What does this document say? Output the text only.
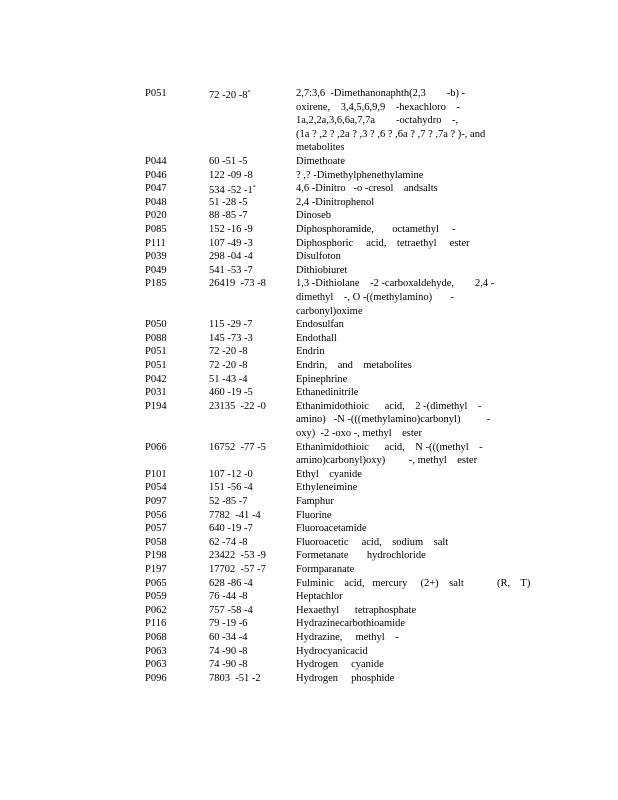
P051	72 -20 -8*	2,7:3,6  -Dimethanonaphth(2,3        -b) -
oxirene,    3,4,5,6,9,9    -hexachloro    -
1a,2,2a,3,6,6a,7,7a        -octahydro    -,
(1a ? ,2 ? ,2a ? ,3 ? ,6 ? ,6a ? ,7 ? ,7a ? )-, and
metabolites
P044	60 -51 -5	Dimethoate
P046	122 -09 -8	? ,? -Dimethylphenethylamine
P047	534 -52 -1*	4,6 -Dinitro   -o -cresol    andsalts
P048	51 -28 -5	2,4 -Dinitrophenol
P020	88 -85 -7	Dinoseb
P085	152 -16 -9	Diphosphoramide,       octamethyl     -
P111	107 -49 -3	Diphosphoric     acid,    tetraethyl     ester
P039	298 -04 -4	Disulfoton
P049	541 -53 -7	Dithiobiuret
P185	26419  -73 -8	1,3 -Dithiolane    -2 -carboxaldehyde,        2,4 -
dimethyl    -, O -((methylamino)       -
carbonyl)oxime
P050	115 -29 -7	Endosulfan
P088	145 -73 -3	Endothall
P051	72 -20 -8	Endrin
P051	72 -20 -8	Endrin,    and    metabolites
P042	51 -43 -4	Epinephrine
P031	460 -19 -5	Ethanedinitrile
P194	23135  -22 -0	Ethanimidothioic      acid,    2 -(dimethyl    -
amino)   -N -(((methylamino)carbonyl)          -
oxy)  -2 -oxo -, methyl    ester
P066	16752  -77 -5	Ethanimidothioic      acid,    N -(((methyl    -
amino)carbonyl)oxy)         -, methyl    ester
P101	107 -12 -0	Ethyl    cyanide
P054	151 -56 -4	Ethyleneimine
P097	52 -85 -7	Famphur
P056	7782  -41 -4	Fluorine
P057	640 -19 -7	Fluoroacetamide
P058	62 -74 -8	Fluoroacetic     acid,    sodium    salt
P198	23422  -53 -9	Formetanate       hydrochloride
P197	17702  -57 -7	Formparanate
P065	628 -86 -4	Fulminic    acid,   mercury     (2+)    salt	(R,    T)
P059	76 -44 -8	Heptachlor
P062	757 -58 -4	Hexaethyl      tetraphosphate
P116	79 -19 -6	Hydrazinecarbothioamide
P068	60 -34 -4	Hydrazine,     methyl    -
P063	74 -90 -8	Hydrocyanicacid
P063	74 -90 -8	Hydrogen     cyanide
P096	7803  -51 -2	Hydrogen     phosphide
